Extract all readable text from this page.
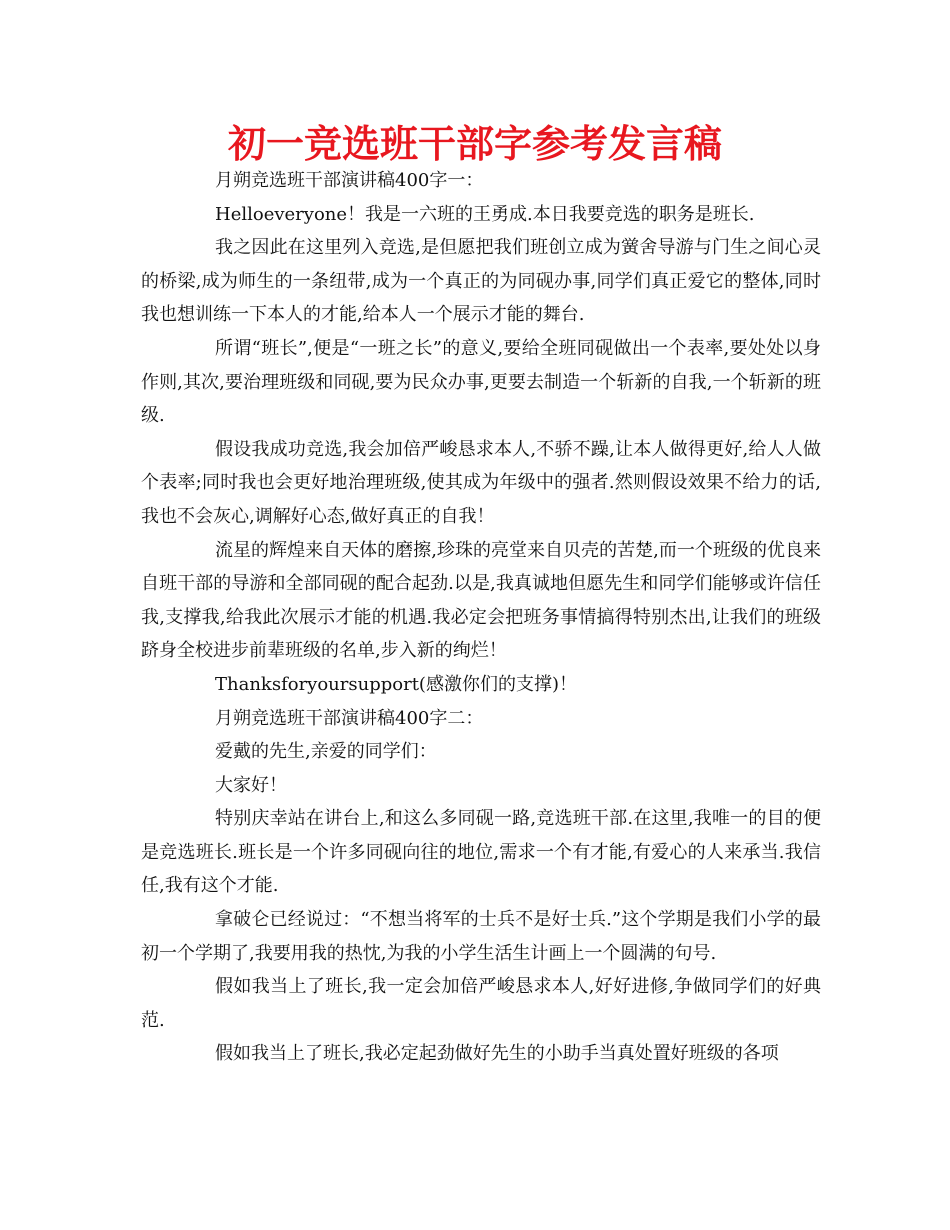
初一竞选班干部字参考发言稿

月朔竞选班干部演讲稿400字一：

Helloeveryone！我是一六班的王勇成.本日我要竞选的职务是班长.

我之因此在这里列入竞选,是但愿把我们班创立成为黉舍导游与门生之间心灵的桥梁,成为师生的一条纽带,成为一个真正的为同砚办事,同学们真正爱它的整体,同时我也想训练一下本人的才能,给本人一个展示才能的舞台.

所谓“班长”,便是“一班之长”的意义,要给全班同砚做出一个表率,要处处以身作则,其次,要治理班级和同砚,要为民众办事,更要去制造一个斩新的自我,一个斩新的班级.

假设我成功竞选,我会加倍严峻恳求本人,不骄不躁,让本人做得更好,给人人做个表率;同时我也会更好地治理班级,使其成为年级中的强者.然则假设效果不给力的话,我也不会灰心,调解好心态,做好真正的自我！

流星的辉煌来自天体的磨擦,珍珠的亮堂来自贝壳的苦楚,而一个班级的优良来自班干部的导游和全部同砚的配合起劲.以是,我真诚地但愿先生和同学们能够或许信任我,支撑我,给我此次展示才能的机遇.我必定会把班务事情搞得特别杰出,让我们的班级跻身全校进步前辈班级的名单,步入新的绚烂！

Thanksforyoursupport(感激你们的支撑)！

月朔竞选班干部演讲稿400字二：

爱戴的先生,亲爱的同学们：

大家好！

特别庆幸站在讲台上,和这么多同砚一路,竞选班干部.在这里,我唯一的目的便是竞选班长.班长是一个许多同砚向往的地位,需求一个有才能,有爱心的人来承当.我信任,我有这个才能.

拿破仑已经说过：“不想当将军的士兵不是好士兵.”这个学期是我们小学的最初一个学期了,我要用我的热忱,为我的小学生活生计画上一个圆满的句号.

假如我当上了班长,我一定会加倍严峻恳求本人,好好进修,争做同学们的好典范.

假如我当上了班长,我必定起劲做好先生的小助手当真处置好班级的各项
